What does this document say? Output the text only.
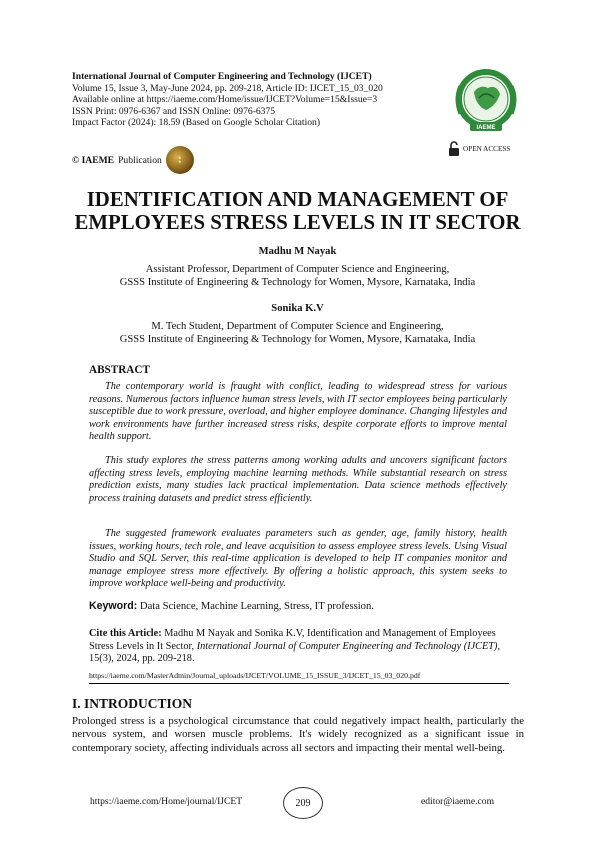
International Journal of Computer Engineering and Technology (IJCET)
Volume 15, Issue 3, May-June 2024, pp. 209-218, Article ID: IJCET_15_03_020
Available online at https://iaeme.com/Home/issue/IJCET?Volume=15&Issue=3
ISSN Print: 0976-6367 and ISSN Online: 0976-6375
Impact Factor (2024): 18.59 (Based on Google Scholar Citation)
© IAEME Publication	★
★
IAEME
OPEN ACCESS
IDENTIFICATION AND MANAGEMENT OF
EMPLOYEES STRESS LEVELS IN IT SECTOR
Madhu M Nayak
Assistant Professor, Department of Computer Science and Engineering,
GSSS Institute of Engineering & Technology for Women, Mysore, Karnataka, India
Sonika K.V
M. Tech Student, Department of Computer Science and Engineering,
GSSS Institute of Engineering & Technology for Women, Mysore, Karnataka, India
ABSTRACT
The contemporary world is fraught with conflict, leading to widespread stress for various reasons. Numerous factors influence human stress levels, with IT sector employees being particularly susceptible due to work pressure, overload, and higher employee dominance. Changing lifestyles and work environments have further increased stress risks, despite corporate efforts to improve mental health support.
This study explores the stress patterns among working adults and uncovers significant factors affecting stress levels, employing machine learning methods. While substantial research on stress prediction exists, many studies lack practical implementation. Data science methods effectively process training datasets and predict stress efficiently.
The suggested framework evaluates parameters such as gender, age, family history, health issues, working hours, tech role, and leave acquisition to assess employee stress levels. Using Visual Studio and SQL Server, this real-time application is developed to help IT companies monitor and manage employee stress more effectively. By offering a holistic approach, this system seeks to improve workplace well-being and productivity.
Keyword: Data Science, Machine Learning, Stress, IT profession.
Cite this Article: Madhu M Nayak and Sonika K.V, Identification and Management of Employees Stress Levels in It Sector, International Journal of Computer Engineering and Technology (IJCET), 15(3), 2024, pp. 209-218.
https://iaeme.com/MasterAdmin/Journal_uploads/IJCET/VOLUME_15_ISSUE_3/IJCET_15_03_020.pdf
I. INTRODUCTION
Prolonged stress is a psychological circumstance that could negatively impact health, particularly the nervous system, and worsen muscle problems. It's widely recognized as a significant issue in contemporary society, affecting individuals across all sectors and impacting their mental well-being.
https://iaeme.com/Home/journal/IJCET	209	editor@iaeme.com
